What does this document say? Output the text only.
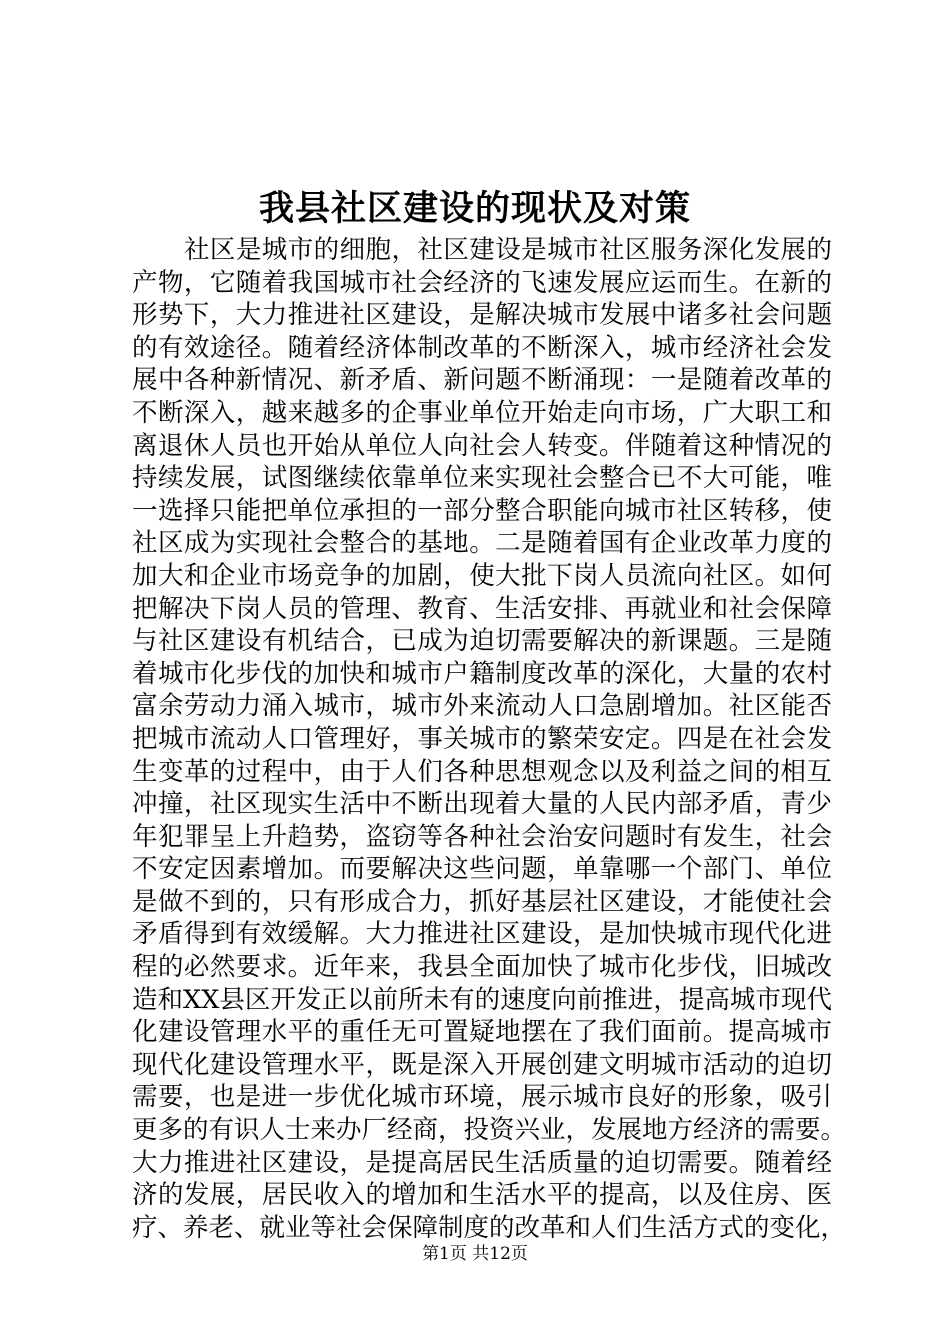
我县社区建设的现状及对策
社区是城市的细胞，社区建设是城市社区服务深化发展的
产物，它随着我国城市社会经济的飞速发展应运而生。在新的
形势下，大力推进社区建设，是解决城市发展中诸多社会问题
的有效途径。随着经济体制改革的不断深入，城市经济社会发
展中各种新情况、新矛盾、新问题不断涌现：一是随着改革的
不断深入，越来越多的企事业单位开始走向市场，广大职工和
离退休人员也开始从单位人向社会人转变。伴随着这种情况的
持续发展，试图继续依靠单位来实现社会整合已不大可能，唯
一选择只能把单位承担的一部分整合职能向城市社区转移，使
社区成为实现社会整合的基地。二是随着国有企业改革力度的
加大和企业市场竞争的加剧，使大批下岗人员流向社区。如何
把解决下岗人员的管理、教育、生活安排、再就业和社会保障
与社区建设有机结合，已成为迫切需要解决的新课题。三是随
着城市化步伐的加快和城市户籍制度改革的深化，大量的农村
富余劳动力涌入城市，城市外来流动人口急剧增加。社区能否
把城市流动人口管理好，事关城市的繁荣安定。四是在社会发
生变革的过程中，由于人们各种思想观念以及利益之间的相互
冲撞，社区现实生活中不断出现着大量的人民内部矛盾，青少
年犯罪呈上升趋势，盗窃等各种社会治安问题时有发生，社会
不安定因素增加。而要解决这些问题，单靠哪一个部门、单位
是做不到的，只有形成合力，抓好基层社区建设，才能使社会
矛盾得到有效缓解。大力推进社区建设，是加快城市现代化进
程的必然要求。近年来，我县全面加快了城市化步伐，旧城改
造和XX县区开发正以前所未有的速度向前推进，提高城市现代
化建设管理水平的重任无可置疑地摆在了我们面前。提高城市
现代化建设管理水平，既是深入开展创建文明城市活动的迫切
需要，也是进一步优化城市环境，展示城市良好的形象，吸引
更多的有识人士来办厂经商，投资兴业，发展地方经济的需要。
大力推进社区建设，是提高居民生活质量的迫切需要。随着经
济的发展，居民收入的增加和生活水平的提高，以及住房、医
疗、养老、就业等社会保障制度的改革和人们生活方式的变化，
第1页 共12页
